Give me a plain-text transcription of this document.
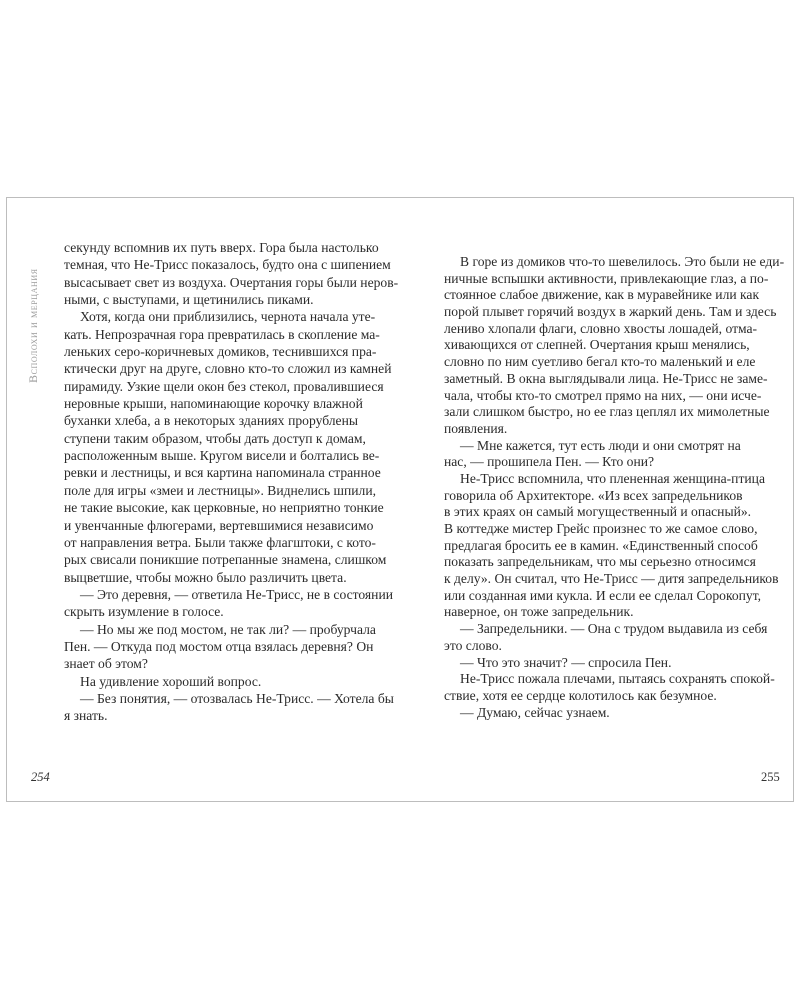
Всполохи и мерцания
секунду вспомнив их путь вверх. Гора была настолько
темная, что Не-Трисс показалось, будто она с шипением
высасывает свет из воздуха. Очертания горы были неров-
ными, с выступами, и щетинились пиками.
Хотя, когда они приблизились, чернота начала уте-
кать. Непрозрачная гора превратилась в скопление ма-
леньких серо-коричневых домиков, теснившихся пра-
ктически друг на друге, словно кто-то сложил из камней
пирамиду. Узкие щели окон без стекол, провалившиеся
неровные крыши, напоминающие корочку влажной
буханки хлеба, а в некоторых зданиях прорублены
ступени таким образом, чтобы дать доступ к домам,
расположенным выше. Кругом висели и болтались ве-
ревки и лестницы, и вся картина напоминала странное
поле для игры «змеи и лестницы». Виднелись шпили,
не такие высокие, как церковные, но неприятно тонкие
и увенчанные флюгерами, вертевшимися независимо
от направления ветра. Были также флагштоки, с кото-
рых свисали поникшие потрепанные знамена, слишком
выцветшие, чтобы можно было различить цвета.
— Это деревня, — ответила Не-Трисс, не в состоянии
скрыть изумление в голосе.
— Но мы же под мостом, не так ли? — пробурчала
Пен. — Откуда под мостом отца взялась деревня? Он
знает об этом?
На удивление хороший вопрос.
— Без понятия, — отозвалась Не-Трисс. — Хотела бы
я знать.
В горе из домиков что-то шевелилось. Это были не еди-
ничные вспышки активности, привлекающие глаз, а по-
стоянное слабое движение, как в муравейнике или как
порой плывет горячий воздух в жаркий день. Там и здесь
лениво хлопали флаги, словно хвосты лошадей, отма-
хивающихся от слепней. Очертания крыш менялись,
словно по ним суетливо бегал кто-то маленький и еле
заметный. В окна выглядывали лица. Не-Трисс не заме-
чала, чтобы кто-то смотрел прямо на них, — они исче-
зали слишком быстро, но ее глаз цеплял их мимолетные
появления.
— Мне кажется, тут есть люди и они смотрят на
нас, — прошипела Пен. — Кто они?
Не-Трисс вспомнила, что плененная женщина-птица
говорила об Архитекторе. «Из всех запредельников
в этих краях он самый могущественный и опасный».
В коттедже мистер Грейс произнес то же самое слово,
предлагая бросить ее в камин. «Единственный способ
показать запредельникам, что мы серьезно относимся
к делу». Он считал, что Не-Трисс — дитя запредельников
или созданная ими кукла. И если ее сделал Сорокопут,
наверное, он тоже запредельник.
— Запредельники. — Она с трудом выдавила из себя
это слово.
— Что это значит? — спросила Пен.
Не-Трисс пожала плечами, пытаясь сохранять спокой-
ствие, хотя ее сердце колотилось как безумное.
— Думаю, сейчас узнаем.
254	255
